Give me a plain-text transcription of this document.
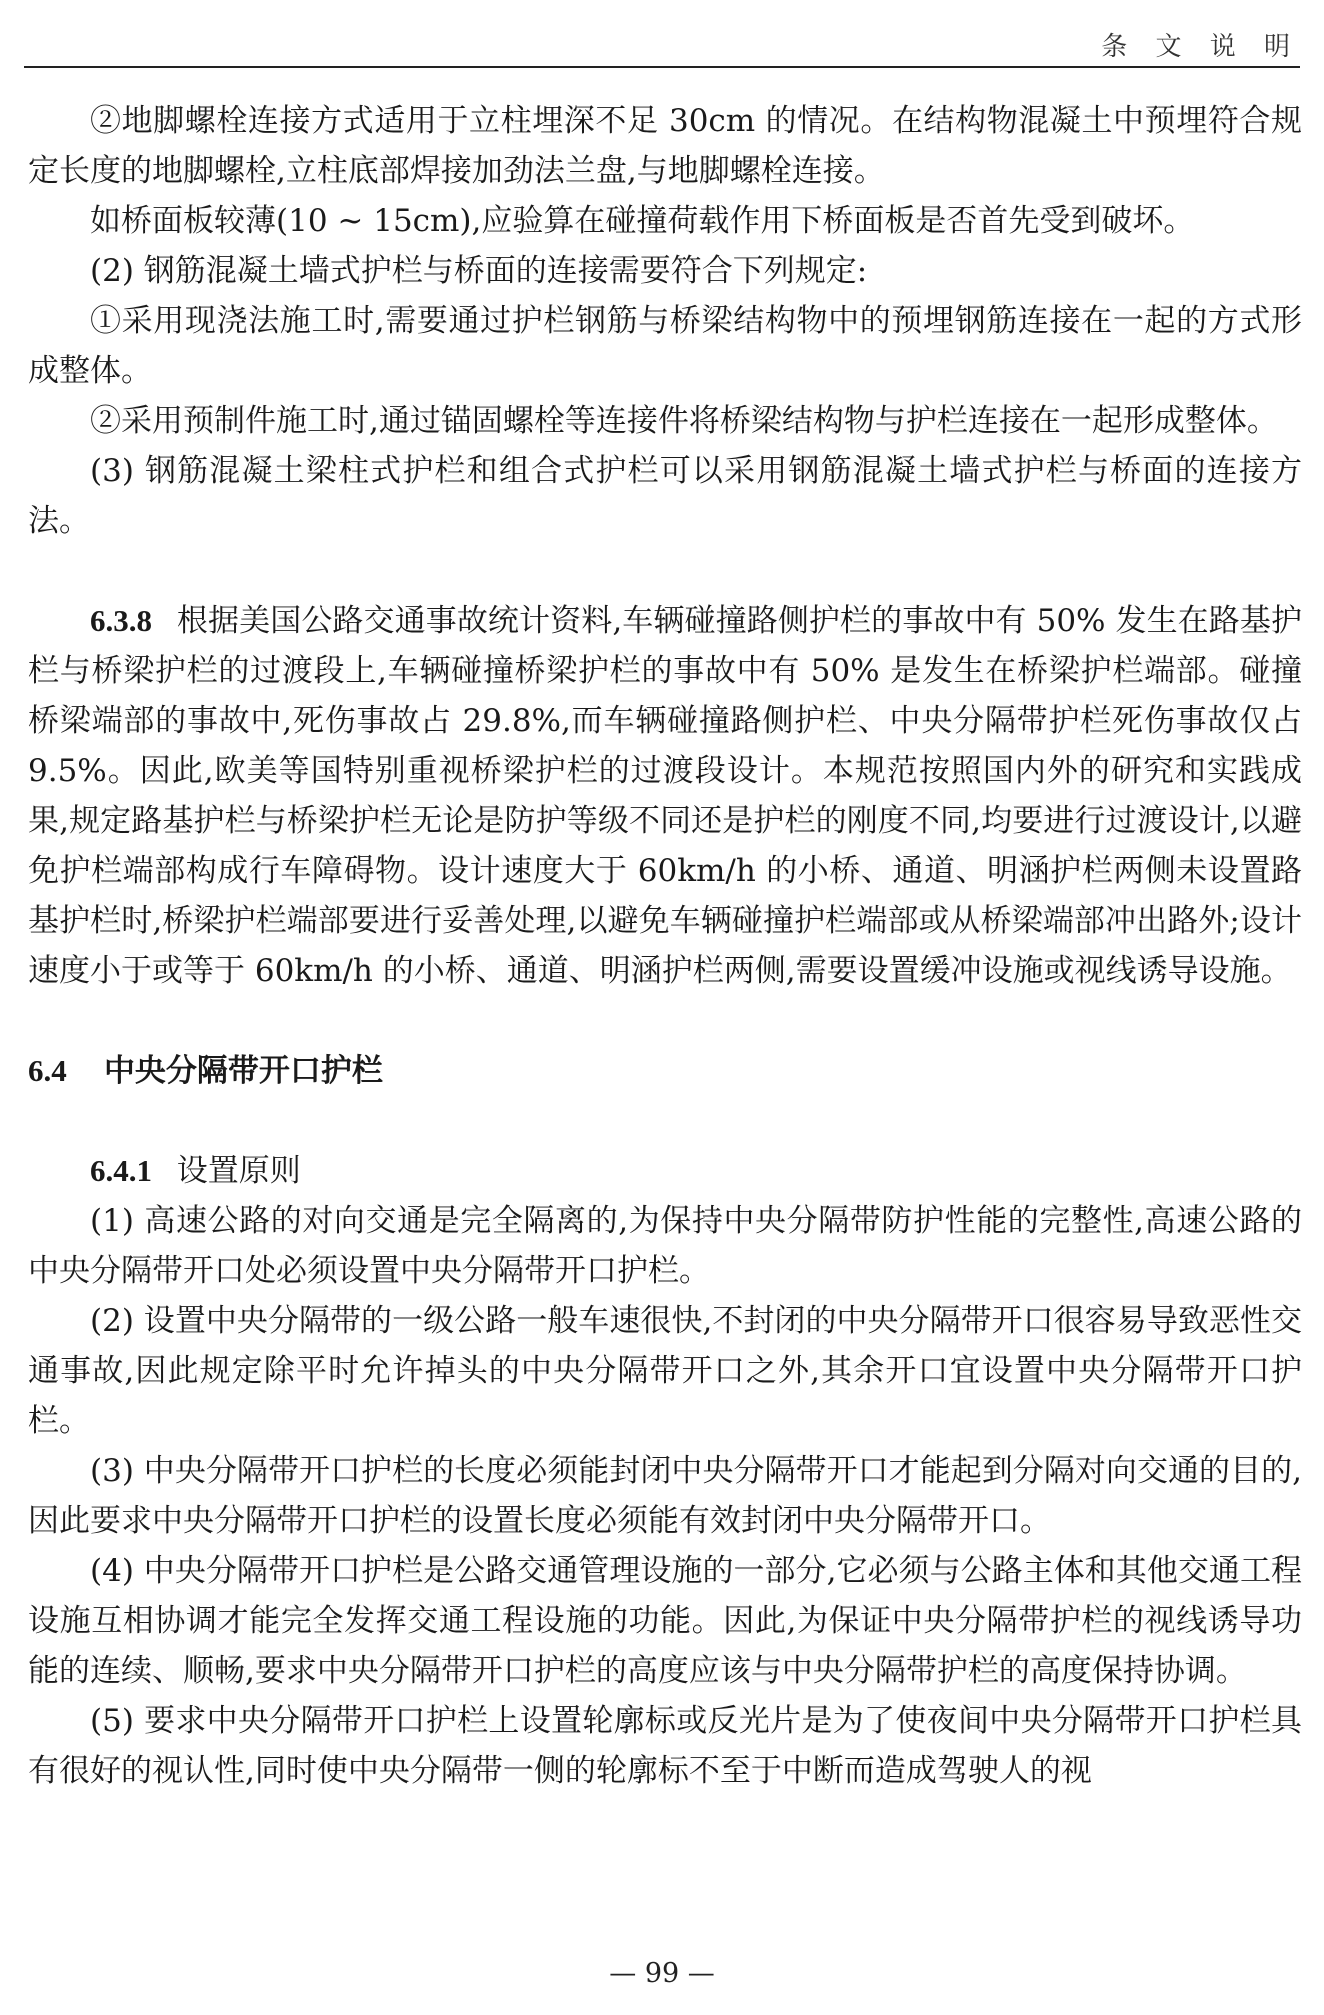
条 文 说 明

②地脚螺栓连接方式适用于立柱埋深不足 30cm 的情况。在结构物混凝土中预埋符合规定长度的地脚螺栓,立柱底部焊接加劲法兰盘,与地脚螺栓连接。

如桥面板较薄(10 ~ 15cm),应验算在碰撞荷载作用下桥面板是否首先受到破坏。

(2) 钢筋混凝土墙式护栏与桥面的连接需要符合下列规定:

①采用现浇法施工时,需要通过护栏钢筋与桥梁结构物中的预埋钢筋连接在一起的方式形成整体。

②采用预制件施工时,通过锚固螺栓等连接件将桥梁结构物与护栏连接在一起形成整体。

(3) 钢筋混凝土梁柱式护栏和组合式护栏可以采用钢筋混凝土墙式护栏与桥面的连接方法。

6.3.8 根据美国公路交通事故统计资料,车辆碰撞路侧护栏的事故中有 50% 发生在路基护栏与桥梁护栏的过渡段上,车辆碰撞桥梁护栏的事故中有 50% 是发生在桥梁护栏端部。碰撞桥梁端部的事故中,死伤事故占 29.8%,而车辆碰撞路侧护栏、中央分隔带护栏死伤事故仅占 9.5%。因此,欧美等国特别重视桥梁护栏的过渡段设计。本规范按照国内外的研究和实践成果,规定路基护栏与桥梁护栏无论是防护等级不同还是护栏的刚度不同,均要进行过渡设计,以避免护栏端部构成行车障碍物。设计速度大于 60km/h 的小桥、通道、明涵护栏两侧未设置路基护栏时,桥梁护栏端部要进行妥善处理,以避免车辆碰撞护栏端部或从桥梁端部冲出路外;设计速度小于或等于 60km/h 的小桥、通道、明涵护栏两侧,需要设置缓冲设施或视线诱导设施。

6.4 中央分隔带开口护栏

6.4.1 设置原则

(1) 高速公路的对向交通是完全隔离的,为保持中央分隔带防护性能的完整性,高速公路的中央分隔带开口处必须设置中央分隔带开口护栏。

(2) 设置中央分隔带的一级公路一般车速很快,不封闭的中央分隔带开口很容易导致恶性交通事故,因此规定除平时允许掉头的中央分隔带开口之外,其余开口宜设置中央分隔带开口护栏。

(3) 中央分隔带开口护栏的长度必须能封闭中央分隔带开口才能起到分隔对向交通的目的,因此要求中央分隔带开口护栏的设置长度必须能有效封闭中央分隔带开口。

(4) 中央分隔带开口护栏是公路交通管理设施的一部分,它必须与公路主体和其他交通工程设施互相协调才能完全发挥交通工程设施的功能。因此,为保证中央分隔带护栏的视线诱导功能的连续、顺畅,要求中央分隔带开口护栏的高度应该与中央分隔带护栏的高度保持协调。

(5) 要求中央分隔带开口护栏上设置轮廓标或反光片是为了使夜间中央分隔带开口护栏具有很好的视认性,同时使中央分隔带一侧的轮廓标不至于中断而造成驾驶人的视

— 99 —
